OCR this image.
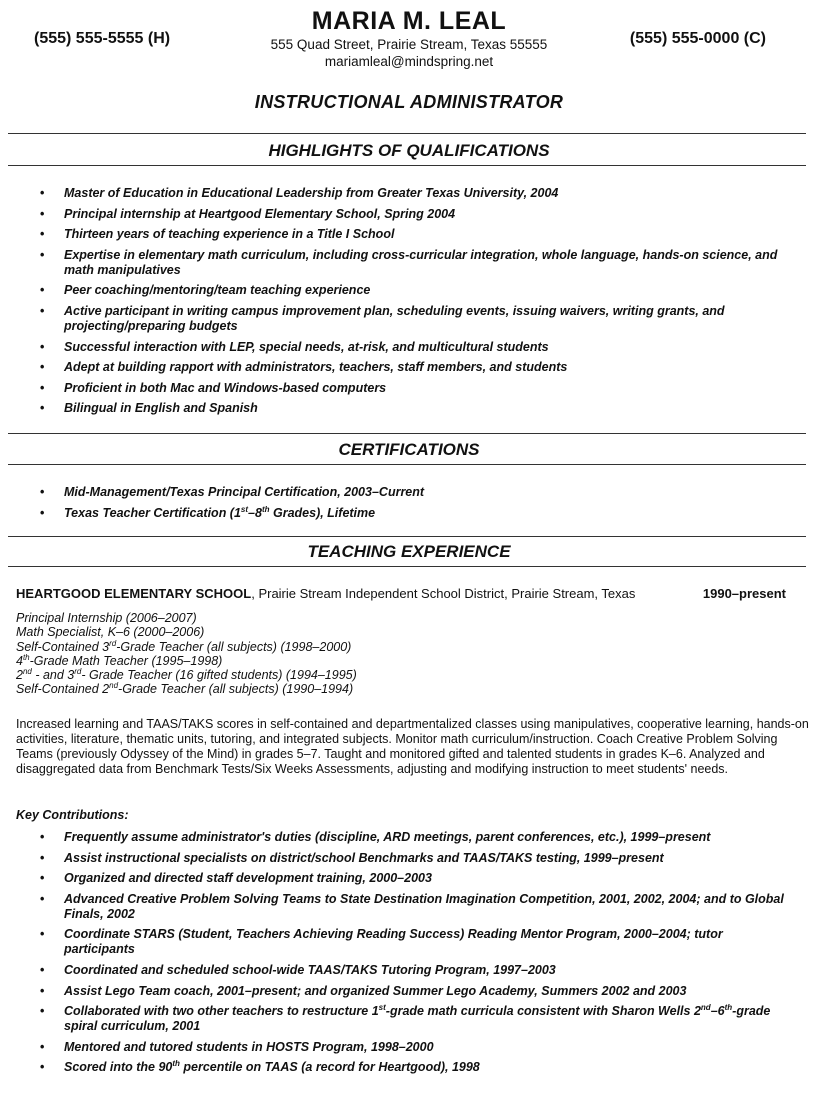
(555) 555-5555 (H)	(555) 555-0000 (C)
MARIA M. LEAL
555 Quad Street, Prairie Stream, Texas 55555
mariamleal@mindspring.net
INSTRUCTIONAL ADMINISTRATOR
HIGHLIGHTS OF QUALIFICATIONS
• Master of Education in Educational Leadership from Greater Texas University, 2004
• Principal internship at Heartgood Elementary School, Spring 2004
• Thirteen years of teaching experience in a Title I School
• Expertise in elementary math curriculum, including cross-curricular integration, whole language, hands-on science, and math manipulatives
• Peer coaching/mentoring/team teaching experience
• Active participant in writing campus improvement plan, scheduling events, issuing waivers, writing grants, and projecting/preparing budgets
• Successful interaction with LEP, special needs, at-risk, and multicultural students
• Adept at building rapport with administrators, teachers, staff members, and students
• Proficient in both Mac and Windows-based computers
• Bilingual in English and Spanish
CERTIFICATIONS
• Mid-Management/Texas Principal Certification, 2003–Current
• Texas Teacher Certification (1st–8th Grades), Lifetime
TEACHING EXPERIENCE
HEARTGOOD ELEMENTARY SCHOOL, Prairie Stream Independent School District, Prairie Stream, Texas	1990–present
Principal Internship (2006–2007)
Math Specialist, K–6 (2000–2006)
Self-Contained 3rd-Grade Teacher (all subjects) (1998–2000)
4th-Grade Math Teacher (1995–1998)
2nd - and 3rd- Grade Teacher (16 gifted students) (1994–1995)
Self-Contained 2nd-Grade Teacher (all subjects) (1990–1994)
Increased learning and TAAS/TAKS scores in self-contained and departmentalized classes using manipulatives, cooperative learning, hands-on activities, literature, thematic units, tutoring, and integrated subjects. Monitor math curriculum/instruction. Coach Creative Problem Solving Teams (previously Odyssey of the Mind) in grades 5–7. Taught and monitored gifted and talented students in grades K–6. Analyzed and disaggregated data from Benchmark Tests/Six Weeks Assessments, adjusting and modifying instruction to meet students' needs.
Key Contributions:
• Frequently assume administrator's duties (discipline, ARD meetings, parent conferences, etc.), 1999–present
• Assist instructional specialists on district/school Benchmarks and TAAS/TAKS testing, 1999–present
• Organized and directed staff development training, 2000–2003
• Advanced Creative Problem Solving Teams to State Destination Imagination Competition, 2001, 2002, 2004; and to Global Finals, 2002
• Coordinate STARS (Student, Teachers Achieving Reading Success) Reading Mentor Program, 2000–2004; tutor participants
• Coordinated and scheduled school-wide TAAS/TAKS Tutoring Program, 1997–2003
• Assist Lego Team coach, 2001–present; and organized Summer Lego Academy, Summers 2002 and 2003
• Collaborated with two other teachers to restructure 1st-grade math curricula consistent with Sharon Wells 2nd–6th-grade spiral curriculum, 2001
• Mentored and tutored students in HOSTS Program, 1998–2000
• Scored into the 90th percentile on TAAS (a record for Heartgood), 1998
